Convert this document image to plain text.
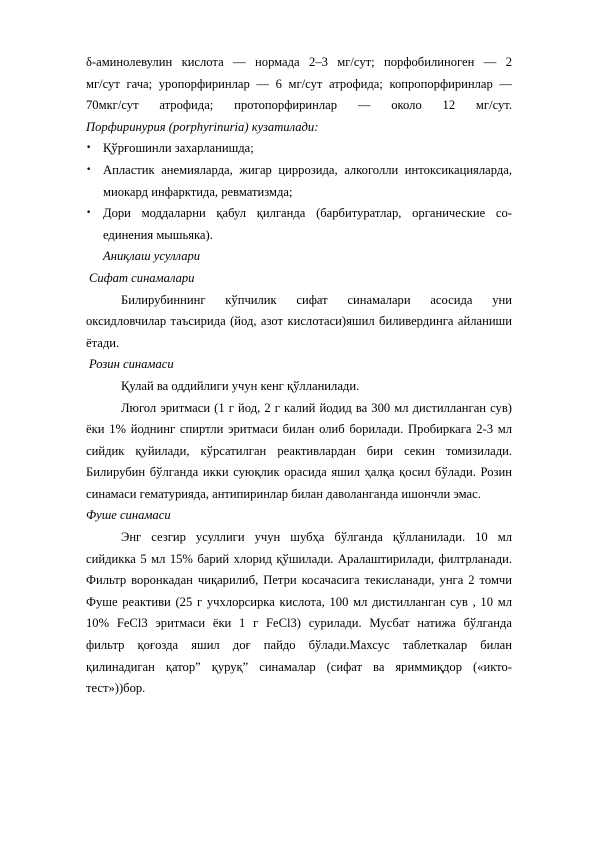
δ-аминолевулин кислота — нормада 2–3 мг/сут; порфобилиноген — 2
мг/сут гача; уропорфиринлар — 6 мг/сут атрофида; копропорфиринлар —
70мкг/сут атрофида; протопорфиринлар — около 12 мг/сут.
Порфиринурия (porphyrinuria) кузатилади:
• Қўрғошинли захарланишда;
• Апластик анемияларда, жигар циррозида, алкоголли интоксикацияларда,
миокард инфарктида, ревматизмда;
• Дори моддаларни қабул қилганда (барбитуратлар, органические со-
единения мышьяка).
Аниқлаш усуллари
Сифат синамалари
Билирубиннинг кўпчилик сифат синамалари асосида уни
оксидловчилар таъсирида (йод, азот кислотаси)яшил биливердинга айланиши
ётади.
Розин синамаси
Қулай ва оддийлиги учун кенг қўлланилади.
Люгол эритмаси (1 г йод, 2 г калий йодид ва 300 мл дистилланган сув)
ёки 1% йоднинг спиртли эритмаси билан олиб борилади. Пробиркага 2-3 мл
сийдик қуйилади, кўрсатилган реактивлардан бири секин томизилади.
Билирубин бўлганда икки суюқлик орасида яшил ҳалқа қосил бўлади. Розин
синамаси гематурияда, антипиринлар билан даволанганда ишончли эмас.
Фуше синамаси
Энг сезгир усуллиги учун шубҳа бўлганда қўлланилади. 10 мл
сийдикка 5 мл 15% барий хлорид қўшилади. Аралаштирилади, филтрланади.
Фильтр воронкадан чиқарилиб, Петри косачасига текисланади, унга 2 томчи
Фуше реактиви (25 г учхлорсирка кислота, 100 мл дистилланган сув , 10 мл
10% FeCl3 эритмаси ёки 1 г FeCl3) сурилади. Мусбат натижа бўлганда
фильтр қоғозда яшил доғ пайдо бўлади.Махсус таблеткалар билан
қилинадиган қатор” қуруқ” синамалар (сифат ва яриммиқдор («икто-
тест»))бор.
